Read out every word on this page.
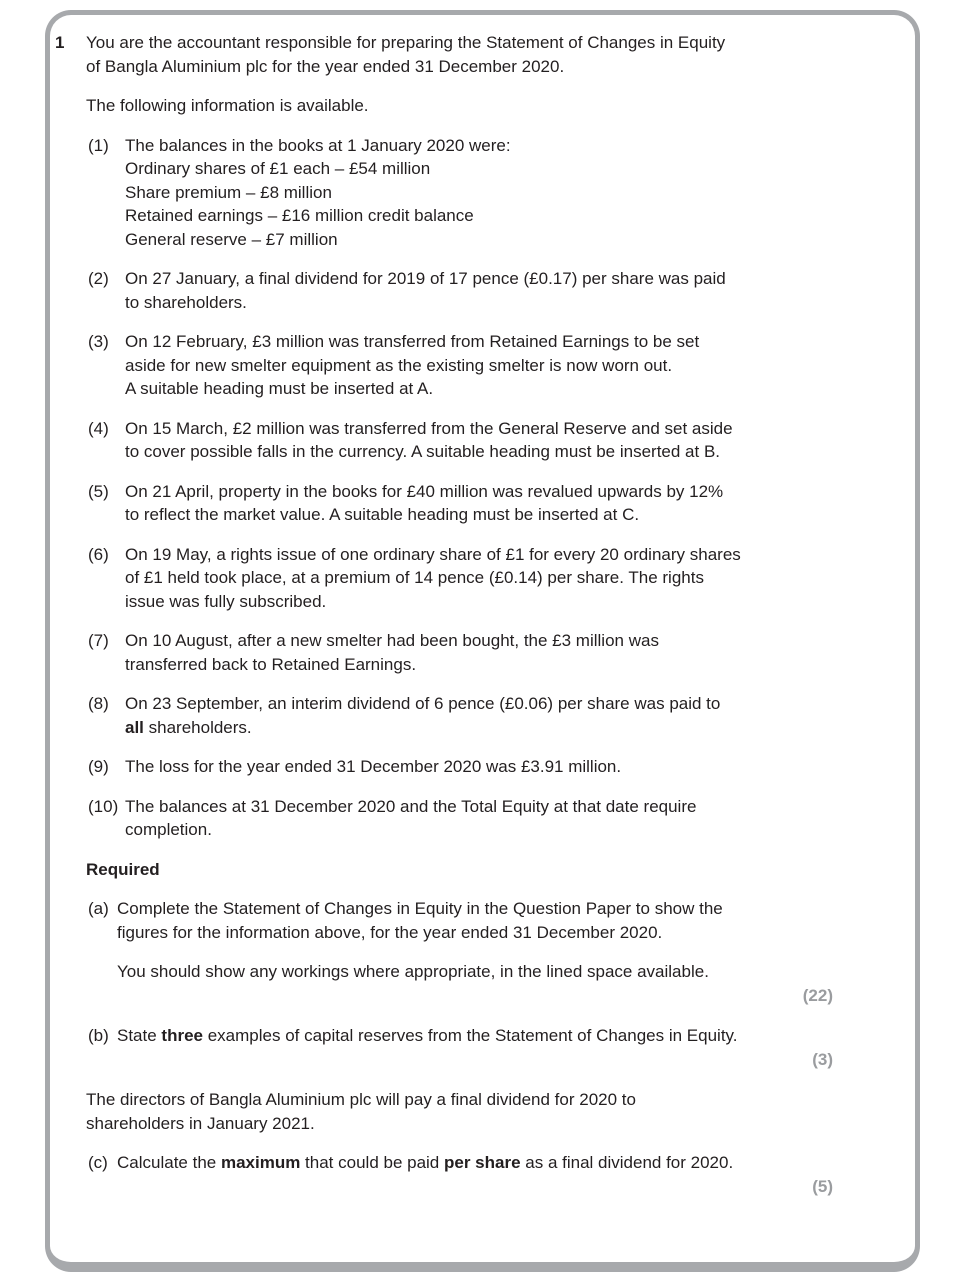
1	You are the accountant responsible for preparing the Statement of Changes in Equity
of Bangla Aluminium plc for the year ended 31 December 2020.
The following information is available.
(1) The balances in the books at 1 January 2020 were:
Ordinary shares of £1 each – £54 million
Share premium – £8 million
Retained earnings – £16 million credit balance
General reserve – £7 million
(2) On 27 January, a final dividend for 2019 of 17 pence (£0.17) per share was paid
to shareholders.
(3) On 12 February, £3 million was transferred from Retained Earnings to be set
aside for new smelter equipment as the existing smelter is now worn out.
A suitable heading must be inserted at A.
(4) On 15 March, £2 million was transferred from the General Reserve and set aside
to cover possible falls in the currency. A suitable heading must be inserted at B.
(5) On 21 April, property in the books for £40 million was revalued upwards by 12%
to reflect the market value. A suitable heading must be inserted at C.
(6) On 19 May, a rights issue of one ordinary share of £1 for every 20 ordinary shares
of £1 held took place, at a premium of 14 pence (£0.14) per share. The rights
issue was fully subscribed.
(7) On 10 August, after a new smelter had been bought, the £3 million was
transferred back to Retained Earnings.
(8) On 23 September, an interim dividend of 6 pence (£0.06) per share was paid to
all shareholders.
(9) The loss for the year ended 31 December 2020 was £3.91 million.
(10) The balances at 31 December 2020 and the Total Equity at that date require
completion.
Required
(a) Complete the Statement of Changes in Equity in the Question Paper to show the
figures for the information above, for the year ended 31 December 2020.
You should show any workings where appropriate, in the lined space available.
(22)
(b) State three examples of capital reserves from the Statement of Changes in Equity.
(3)
The directors of Bangla Aluminium plc will pay a final dividend for 2020 to
shareholders in January 2021.
(c) Calculate the maximum that could be paid per share as a final dividend for 2020.
(5)
